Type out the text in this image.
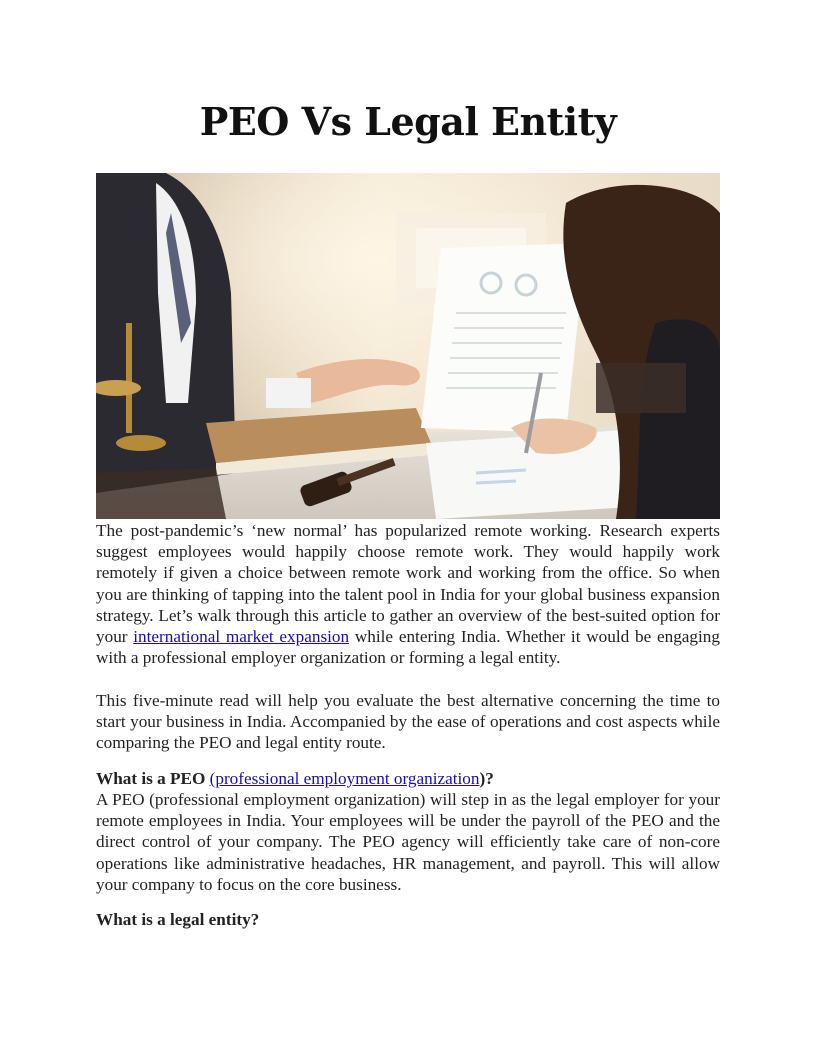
PEO Vs Legal Entity

The post-pandemic’s ‘new normal’ has popularized remote working. Research experts suggest employees would happily choose remote work. They would happily work remotely if given a choice between remote work and working from the office. So when you are thinking of tapping into the talent pool in India for your global business expansion strategy. Let’s walk through this article to gather an overview of the best-suited option for your international market expansion while entering India. Whether it would be engaging with a professional employer organization or forming a legal entity.

This five-minute read will help you evaluate the best alternative concerning the time to start your business in India. Accompanied by the ease of operations and cost aspects while comparing the PEO and legal entity route.

What is a PEO (professional employment organization)?

A PEO (professional employment organization) will step in as the legal employer for your remote employees in India. Your employees will be under the payroll of the PEO and the direct control of your company. The PEO agency will efficiently take care of non-core operations like administrative headaches, HR management, and payroll. This will allow your company to focus on the core business.

What is a legal entity?
